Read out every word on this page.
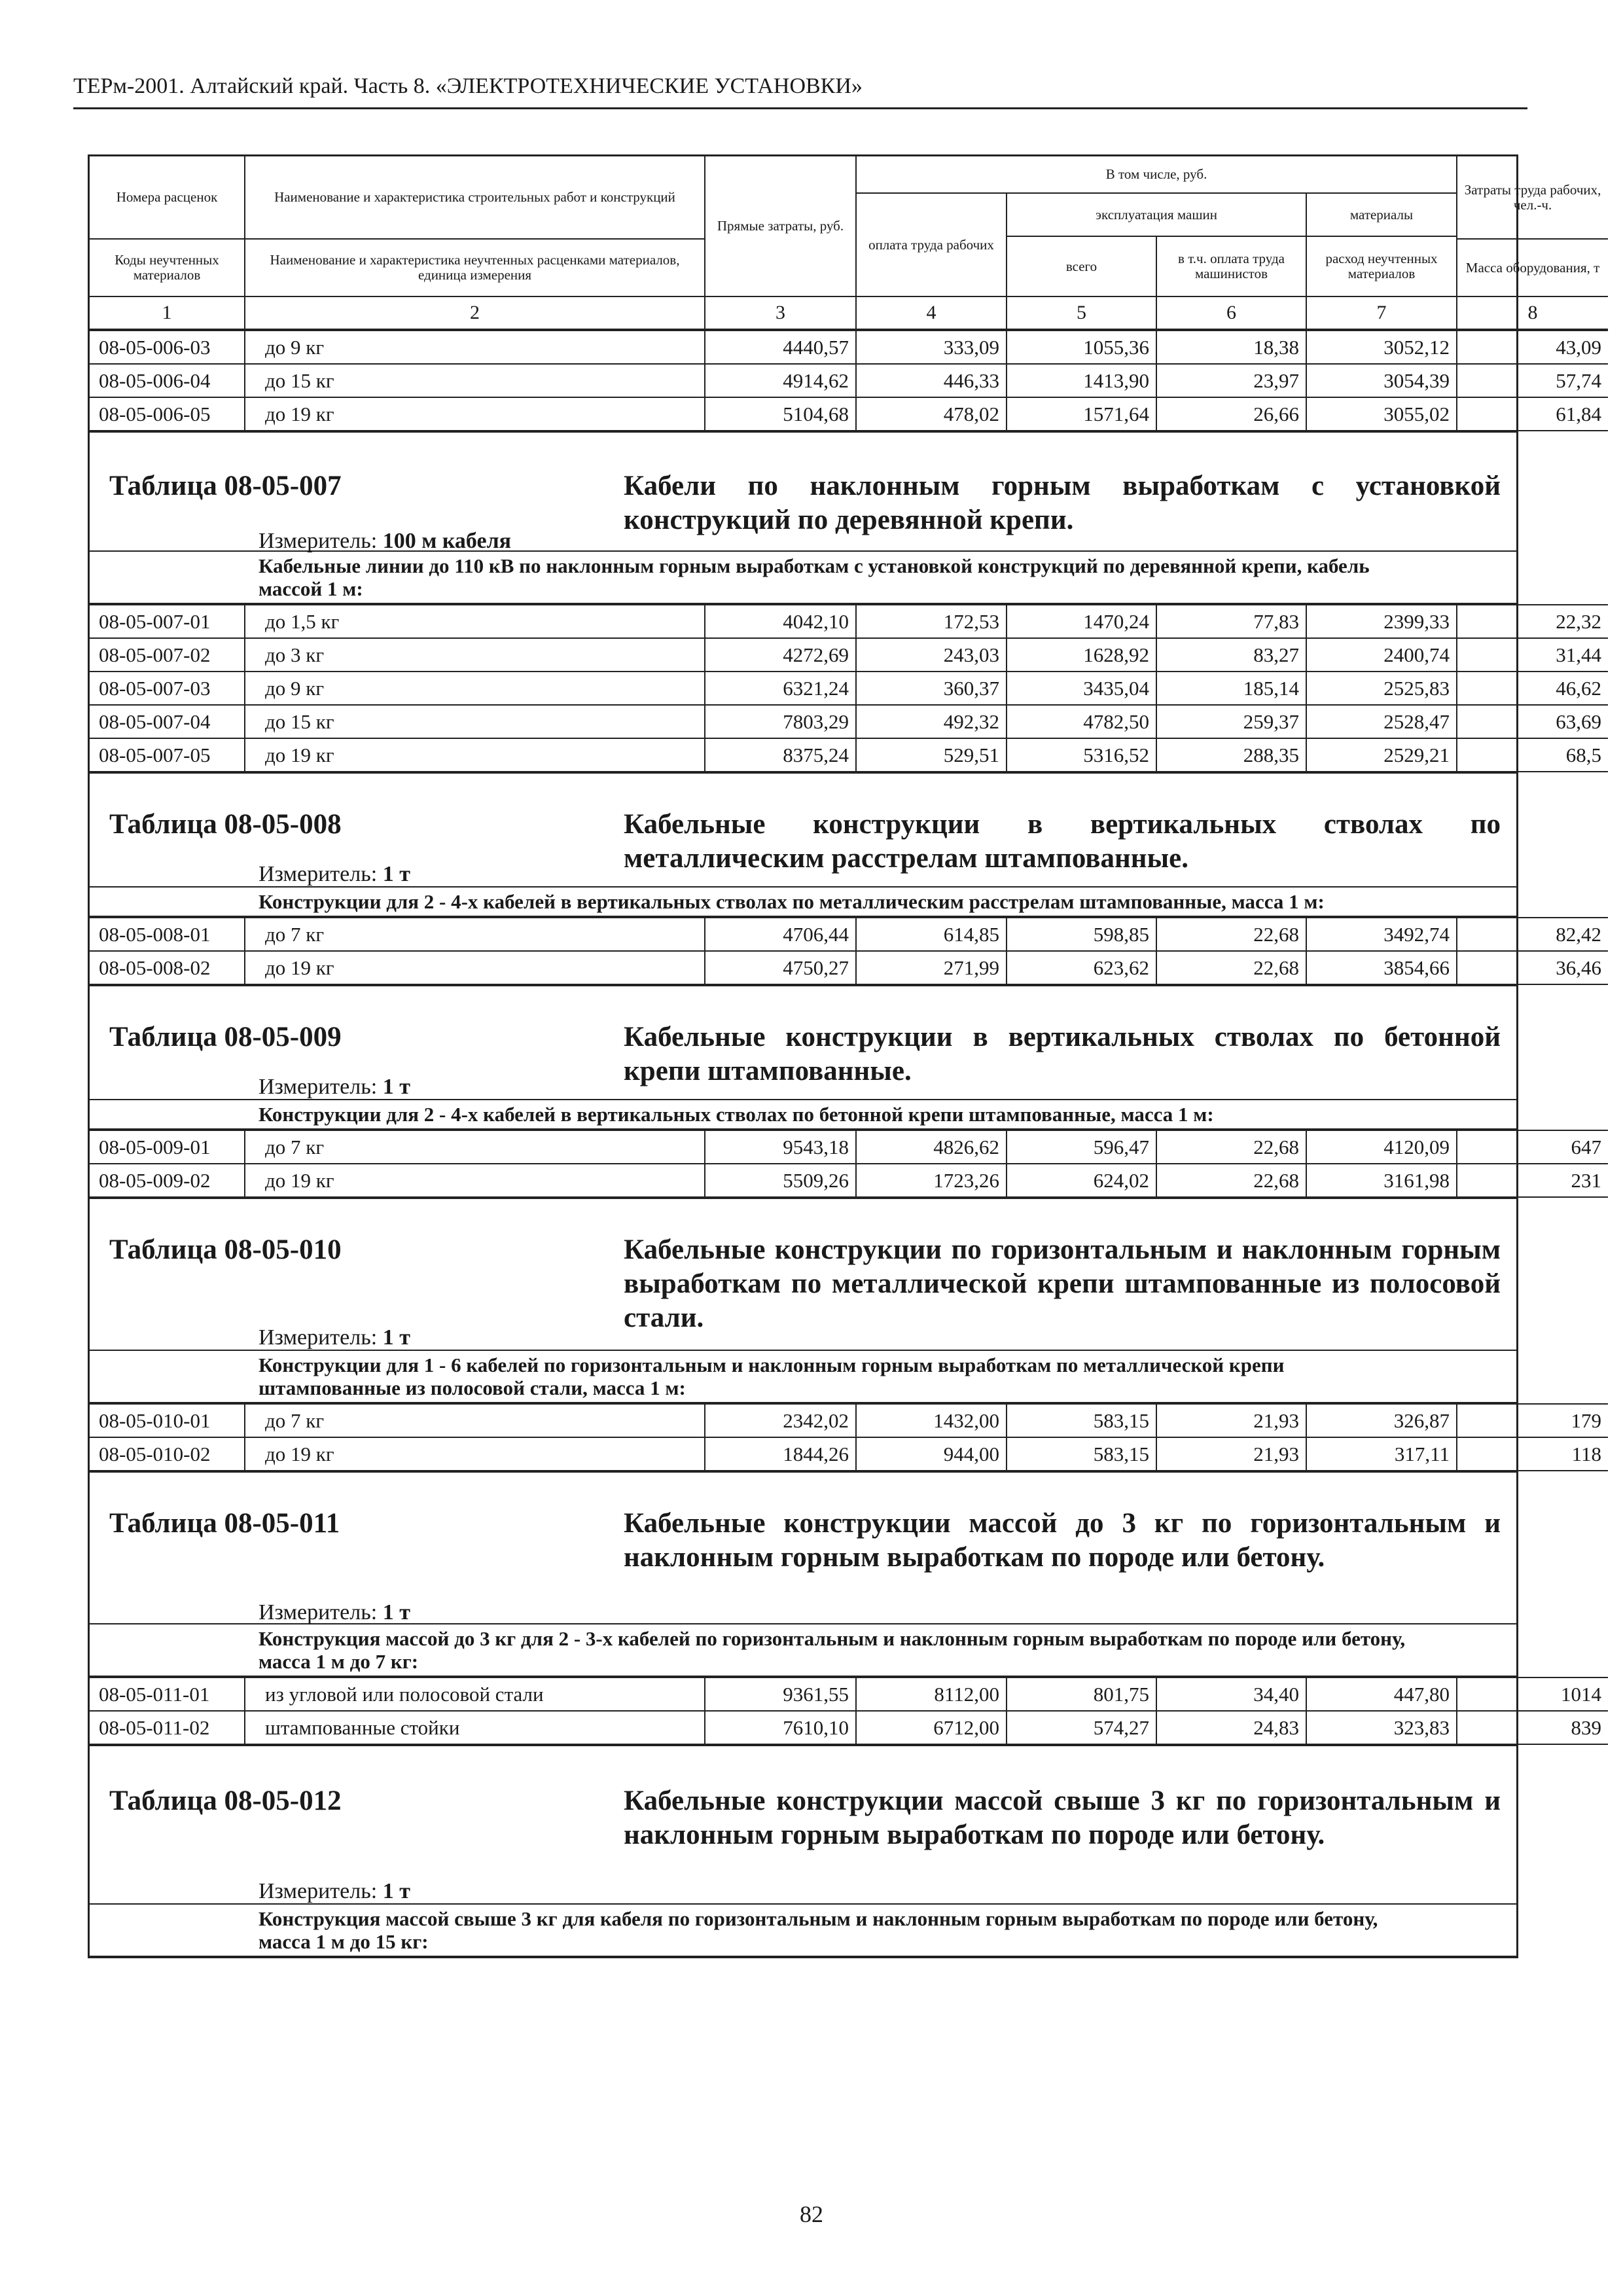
ТЕРм-2001. Алтайский край. Часть 8. «ЭЛЕКТРОТЕХНИЧЕСКИЕ УСТАНОВКИ»
Номера расценок	Наименование и характеристика строительных работ и конструкций	Прямые затраты, руб.	В том числе, руб.				Затраты труда рабочих, чел.-ч.
			оплата труда рабочих	эксплуатация машин		материалы	
				всего	в т.ч. оплата труда машинистов	расход неучтенных материалов	
Коды неучтенных материалов	Наименование и характеристика неучтенных расценками материалов, единица измерения						Масса оборудования, т

1	2	3	4	5	6	7	8
08-05-006-03	до 9 кг	4440,57	333,09	1055,36	18,38	3052,12	43,09
08-05-006-04	до 15 кг	4914,62	446,33	1413,90	23,97	3054,39	57,74
08-05-006-05	до 19 кг	5104,68	478,02	1571,64	26,66	3055,02	61,84
Таблица 08-05-007	Кабели по наклонным горным выработкам с установкой конструкций по деревянной крепи.
Измеритель: 100 м кабеля
Кабельные линии до 110 кВ по наклонным горным выработкам с установкой конструкций по деревянной крепи, кабель массой 1 м:
08-05-007-01	до 1,5 кг	4042,10	172,53	1470,24	77,83	2399,33	22,32
08-05-007-02	до 3 кг	4272,69	243,03	1628,92	83,27	2400,74	31,44
08-05-007-03	до 9 кг	6321,24	360,37	3435,04	185,14	2525,83	46,62
08-05-007-04	до 15 кг	7803,29	492,32	4782,50	259,37	2528,47	63,69
08-05-007-05	до 19 кг	8375,24	529,51	5316,52	288,35	2529,21	68,5
Таблица 08-05-008	Кабельные конструкции в вертикальных стволах по металлическим расстрелам штампованные.
Измеритель: 1 т
Конструкции для 2 - 4-х кабелей в вертикальных стволах по металлическим расстрелам штампованные, масса 1 м:
08-05-008-01	до 7 кг	4706,44	614,85	598,85	22,68	3492,74	82,42
08-05-008-02	до 19 кг	4750,27	271,99	623,62	22,68	3854,66	36,46
Таблица 08-05-009	Кабельные конструкции в вертикальных стволах по бетонной крепи штампованные.
Измеритель: 1 т
Конструкции для 2 - 4-х кабелей в вертикальных стволах по бетонной крепи штампованные, масса 1 м:
08-05-009-01	до 7 кг	9543,18	4826,62	596,47	22,68	4120,09	647
08-05-009-02	до 19 кг	5509,26	1723,26	624,02	22,68	3161,98	231
Таблица 08-05-010	Кабельные конструкции по горизонтальным и наклонным горным выработкам по металлической крепи штампованные из полосовой стали.
Измеритель: 1 т
Конструкции для 1 - 6 кабелей по горизонтальным и наклонным горным выработкам по металлической крепи штампованные из полосовой стали, масса 1 м:
08-05-010-01	до 7 кг	2342,02	1432,00	583,15	21,93	326,87	179
08-05-010-02	до 19 кг	1844,26	944,00	583,15	21,93	317,11	118
Таблица 08-05-011	Кабельные конструкции массой до 3 кг по горизонтальным и наклонным горным выработкам по породе или бетону.
Измеритель: 1 т
Конструкция массой до 3 кг для 2 - 3-х кабелей по горизонтальным и наклонным горным выработкам по породе или бетону, масса 1 м до 7 кг:
08-05-011-01	из угловой или полосовой стали	9361,55	8112,00	801,75	34,40	447,80	1014
08-05-011-02	штампованные стойки	7610,10	6712,00	574,27	24,83	323,83	839
Таблица 08-05-012	Кабельные конструкции массой свыше 3 кг по горизонтальным и наклонным горным выработкам по породе или бетону.
Измеритель: 1 т
Конструкция массой свыше 3 кг для кабеля по горизонтальным и наклонным горным выработкам по породе или бетону, масса 1 м до 15 кг:
82
